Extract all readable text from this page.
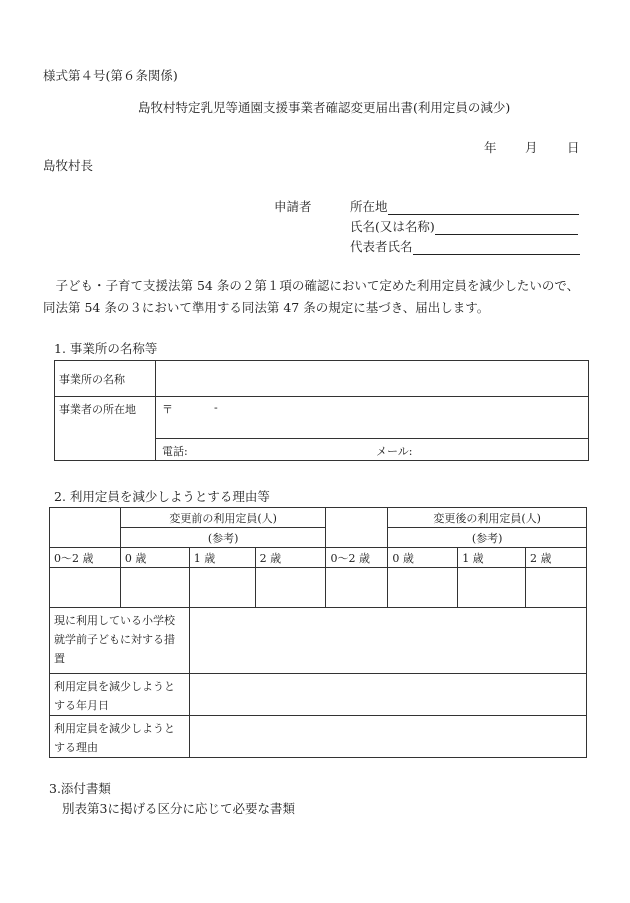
様式第４号(第６条関係)
島牧村特定乳児等通園支援事業者確認変更届出書(利用定員の減少)
年 月 日
島牧村長
申請者	所在地
氏名(又は名称)
代表者氏名
子ども・子育て支援法第 54 条の２第１項の確認において定めた利用定員を減少したいので、同法第 54 条の３において準用する同法第 47 条の規定に基づき、届出します。
1. 事業所の名称等
事業所の名称	
事業者の所在地	〒 -

	電話: メール:
2. 利用定員を減少しようとする理由等
	変更前の利用定員(人)				変更後の利用定員(人)		
	(参考)				(参考)		
0～2 歳	0 歳	1 歳	2 歳	0～2 歳	0 歳	1 歳	2 歳

現に利用している小学校就学前子どもに対する措置							
利用定員を減少しようとする年月日							
利用定員を減少しようとする理由							
3.添付書類
別表第3に掲げる区分に応じて必要な書類
